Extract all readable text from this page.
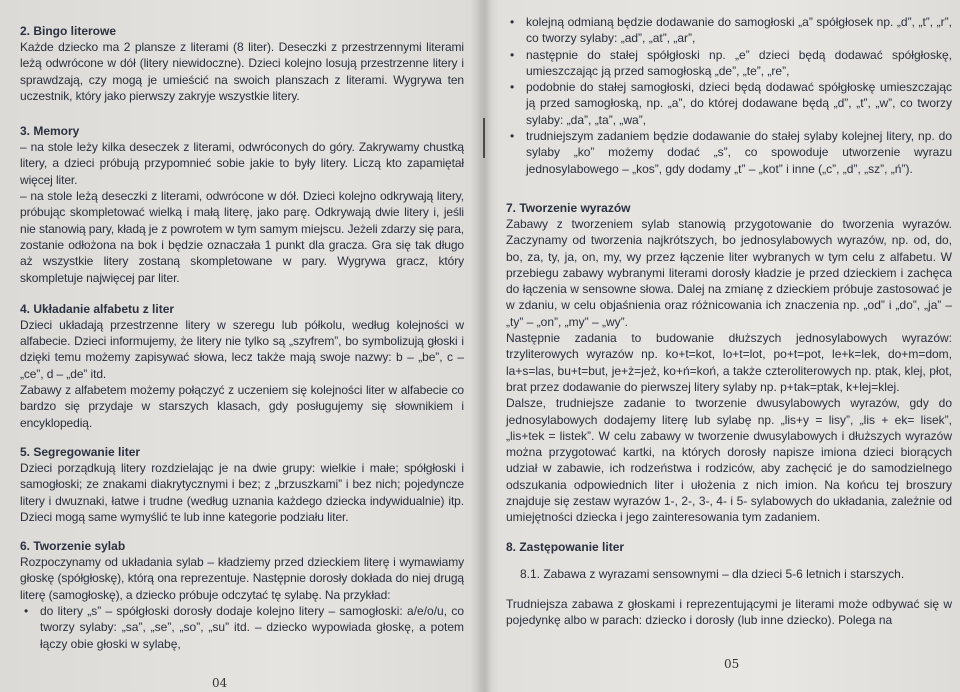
2. Bingo literowe

Każde dziecko ma 2 plansze z literami (8 liter). Deseczki z przestrzennymi literami leżą odwrócone w dół (litery niewidoczne). Dzieci kolejno losują przestrzenne litery i sprawdzają, czy mogą je umieścić na swoich planszach z literami. Wygrywa ten uczestnik, który jako pierwszy zakryje wszystkie litery.

3. Memory

– na stole leży kilka deseczek z literami, odwróconych do góry. Zakrywamy chustką litery, a dzieci próbują przypomnieć sobie jakie to były litery. Liczą kto zapamiętał więcej liter.

– na stole leżą deseczki z literami, odwrócone w dół. Dzieci kolejno odkrywają litery, próbując skompletować wielką i małą literę, jako parę. Odkrywają dwie litery i, jeśli nie stanowią pary, kładą je z powrotem w tym samym miejscu. Jeżeli zdarzy się para, zostanie odłożona na bok i będzie oznaczała 1 punkt dla gracza. Gra się tak długo aż wszystkie litery zostaną skompletowane w pary. Wygrywa gracz, który skompletuje najwięcej par liter.

4. Układanie alfabetu z liter

Dzieci układają przestrzenne litery w szeregu lub półkolu, według kolejności w alfabecie. Dzieci informujemy, że litery nie tylko są „szyfrem”, bo symbolizują głoski i dzięki temu możemy zapisywać słowa, lecz także mają swoje nazwy: b – „be”, c – „ce”, d – „de” itd.

Zabawy z alfabetem możemy połączyć z uczeniem się kolejności liter w alfabecie co bardzo się przydaje w starszych klasach, gdy posługujemy się słownikiem i encyklopedią.

5. Segregowanie liter

Dzieci porządkują litery rozdzielając je na dwie grupy: wielkie i małe; spółgłoski i samogłoski; ze znakami diakrytycznymi i bez; z „brzuszkami” i bez nich; pojedyncze litery i dwuznaki, łatwe i trudne (według uznania każdego dziecka indywidualnie) itp. Dzieci mogą same wymyślić te lub inne kategorie podziału liter.

6. Tworzenie sylab

Rozpoczynamy od układania sylab – kładziemy przed dzieckiem literę i wymawiamy głoskę (spółgłoskę), którą ona reprezentuje. Następnie dorosły dokłada do niej drugą literę (samogłoskę), a dziecko próbuje odczytać tę sylabę. Na przykład:

• do litery „s” – spółgłoski dorosły dodaje kolejno litery – samogłoski: a/e/o/u, co tworzy sylaby: „sa”, „se”, „so”, „su” itd. – dziecko wypowiada głoskę, a potem łączy obie głoski w sylabę,
04
• kolejną odmianą będzie dodawanie do samogłoski „a” spółgłosek np. „d”, „t”, „r”, co tworzy sylaby: „ad”, „at”, „ar”,
• następnie do stałej spółgłoski np. „e” dzieci będą dodawać spółgłoskę, umieszczając ją przed samogłoską „de”, „te”, „re”,
• podobnie do stałej samogłoski, dzieci będą dodawać spółgłoskę umieszczając ją przed samogłoską, np. „a”, do której dodawane będą „d”, „t”, „w”, co tworzy sylaby: „da”, „ta”, „wa”,
• trudniejszym zadaniem będzie dodawanie do stałej sylaby kolejnej litery, np. do sylaby „ko” możemy dodać „s”, co spowoduje utworzenie wyrazu jednosylabowego – „kos”, gdy dodamy „t” – „kot” i inne („c”, „d”, „sz”, „ń”).
7. Tworzenie wyrazów

Zabawy z tworzeniem sylab stanowią przygotowanie do tworzenia wyrazów. Zaczynamy od tworzenia najkrótszych, bo jednosylabowych wyrazów, np. od, do, bo, za, ty, ja, on, my, wy przez łączenie liter wybranych w tym celu z alfabetu. W przebiegu zabawy wybranymi literami dorosły kładzie je przed dzieckiem i zachęca do łączenia w sensowne słowa. Dalej na zmianę z dzieckiem próbuje zastosować je w zdaniu, w celu objaśnienia oraz różnicowania ich znaczenia np. „od” i „do”, „ja” – „ty” – „on”, „my” – „wy”.

Następnie zadania to budowanie dłuższych jednosylabowych wyrazów: trzyliterowych wyrazów np. ko+t=kot, lo+t=lot, po+t=pot, le+k=lek, do+m=dom, la+s=las, bu+t=but, je+ż=jeż, ko+ń=koń, a także czteroliterowych np. ptak, klej, płot, brat przez dodawanie do pierwszej litery sylaby np. p+tak=ptak, k+lej=klej.

Dalsze, trudniejsze zadanie to tworzenie dwusylabowych wyrazów, gdy do jednosylabowych dodajemy literę lub sylabę np. „lis+y = lisy”, „lis + ek= lisek”, „lis+tek = listek”. W celu zabawy w tworzenie dwusylabowych i dłuższych wyrazów można przygotować kartki, na których dorosły napisze imiona dzieci biorących udział w zabawie, ich rodzeństwa i rodziców, aby zachęcić je do samodzielnego odszukania odpowiednich liter i ułożenia z nich imion. Na końcu tej broszury znajduje się zestaw wyrazów 1-, 2-, 3-, 4- i 5- sylabowych do układania, zależnie od umiejętności dziecka i jego zainteresowania tym zadaniem.

8. Zastępowanie liter

8.1. Zabawa z wyrazami sensownymi – dla dzieci 5-6 letnich i starszych.

Trudniejsza zabawa z głoskami i reprezentującymi je literami może odbywać się w pojedynkę albo w parach: dziecko i dorosły (lub inne dziecko). Polega na

05
